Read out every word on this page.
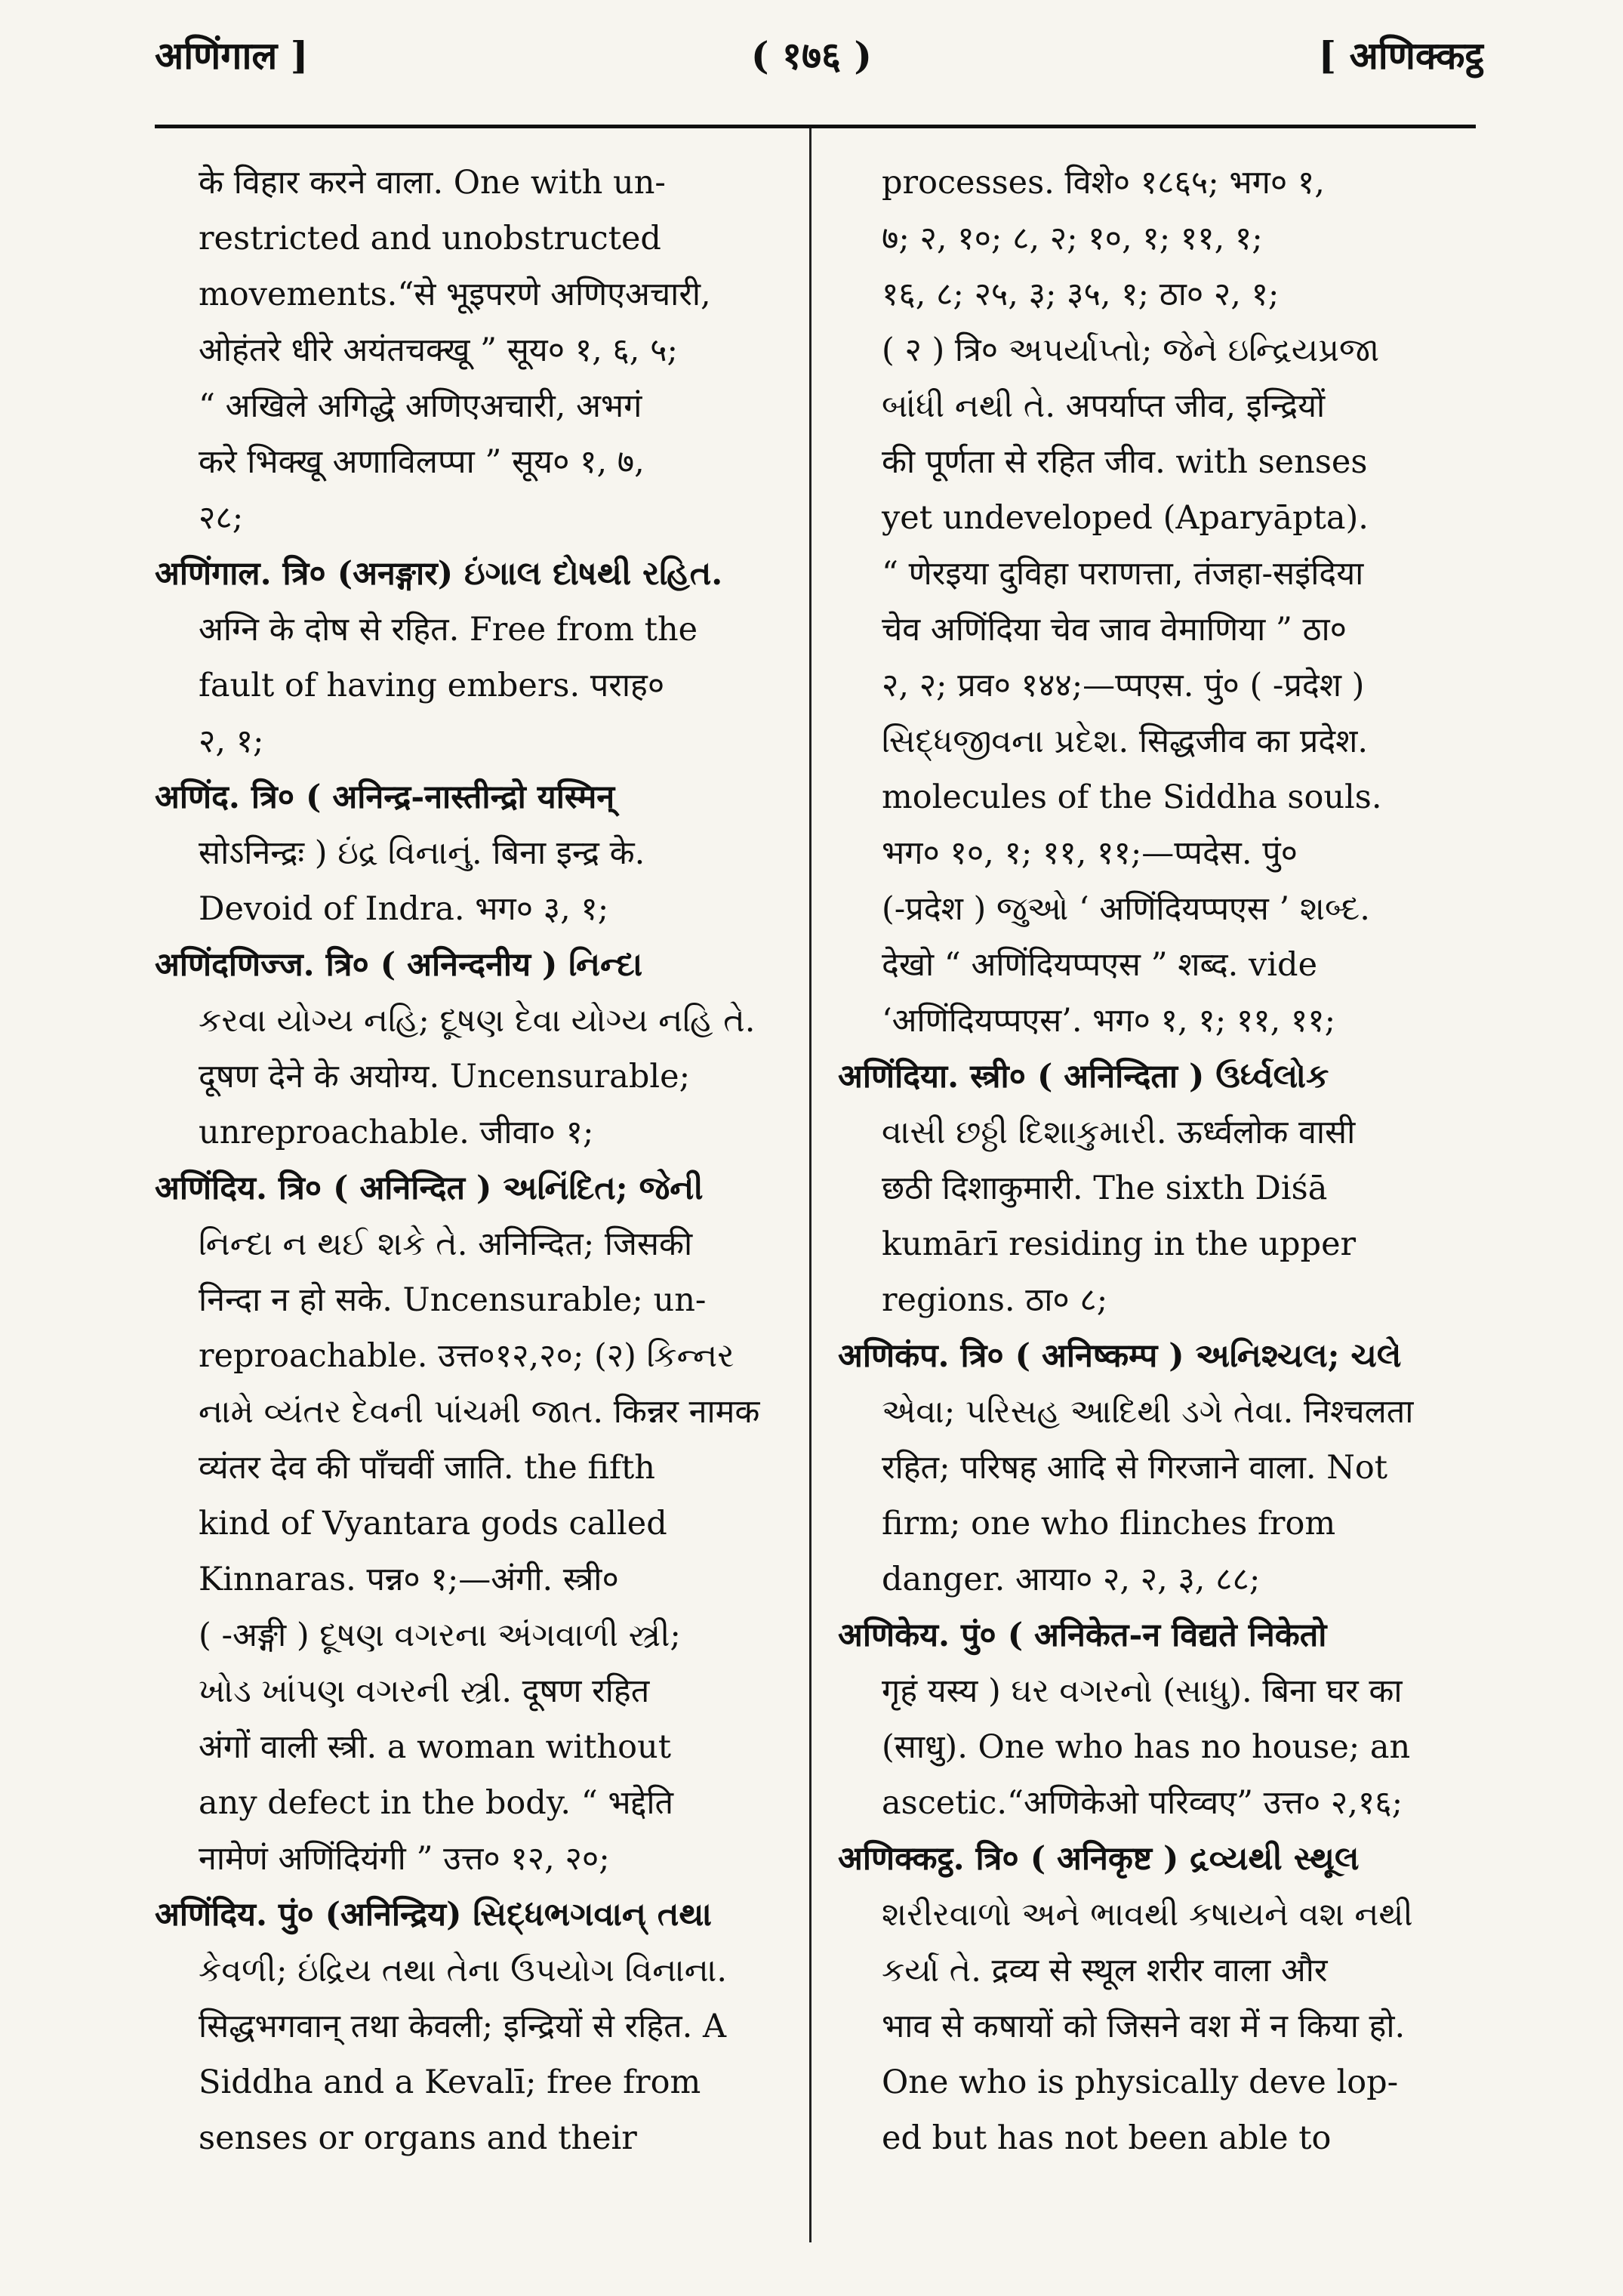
अणिंगाल ]	( १७६ )	[ अणिक्कट्ठ
के विहार करने वाला. One with un-
restricted and unobstructed
movements.“से भूइपरणे अणिएअचारी,
ओहंतरे धीरे अयंतचक्खू ” सूय० १, ६, ५;
“ अखिले अगिद्धे अणिएअचारी, अभगं
करे भिक्खू अणाविलप्पा ” सूय० १, ७,
२८;
अणिंगाल. त्रि० (अनङ्गार) ઇંગાલ દોષથી રહિત.
अग्नि के दोष से रहित. Free from the
fault of having embers. पराह०
२, १;
अणिंद. त्रि० ( अनिन्द्र-नास्तीन्द्रो यस्मिन्
सोऽनिन्द्रः ) ઇંદ્ર વિનાનું. बिना इन्द्र के.
Devoid of Indra. भग० ३, १;
अणिंदणिज्ज. त्रि० ( अनिन्दनीय ) નિન્દા
કરવા યોગ્ય નહિ; દૂષણ દેવા યોગ્ય નહિ તે.
दूषण देने के अयोग्य. Uncensurable;
unreproachable. जीवा० १;
अणिंदिय. त्रि० ( अनिन्दित ) અનિંદિત; જેની
નિન્દા ન થઈ શકે તે. अनिन्दित; जिसकी
निन्दा न हो सके. Uncensurable; un-
reproachable. उत्त०१२,२०; (२) કિન્નર
નામે વ્યંતર દેવની પાંચમી જાત. किन्नर नामक
व्यंतर देव की पाँचवीं जाति. the fifth
kind of Vyantara gods called
Kinnaras. पन्न० १;—अंगी. स्त्री०
( -अङ्गी ) દૂષણ વગરના અંગવાળી સ્ત્રી;
ખોડ ખાંપણ વગરની સ્ત્રી. दूषण रहित
अंगों वाली स्त्री. a woman without
any defect in the body. “ भद्देति
नामेणं अणिंदियंगी ” उत्त० १२, २०;
अणिंदिय. पुं० (अनिन्द्रिय) સિદ્ધભગવાન્ તથા
કેવળી; ઇંદ્રિય તથા તેના ઉપયોગ વિનાના.
सिद्धभगवान् तथा केवली; इन्द्रियों से रहित. A
Siddha and a Kevalī; free from
senses or organs and their
processes. विशे० १८६५; भग० १,
७; २, १०; ८, २; १०, १; ११, १;
१६, ८; २५, ३; ३५, १; ठा० २, १;
( २ ) त्रि० અપર્યાપ્તો; જેને ઇન્દ્રિયપ્રજા
બાંધી નથી તે. अपर्याप्त जीव, इन्द्रियों
की पूर्णता से रहित जीव. with senses
yet undeveloped (Aparyāpta).
“ णेरइया दुविहा पराणत्ता, तंजहा-सइंदिया
चेव अणिंदिया चेव जाव वेमाणिया ” ठा०
२, २; प्रव० १४४;—प्पएस. पुं० ( -प्रदेश )
સિદ્ધજીવના પ્રદેશ. सिद्धजीव का प्रदेश.
molecules of the Siddha souls.
भग० १०, १; ११, ११;—प्पदेस. पुं०
(-प्रदेश ) જુઓ ‘ अणिंदियप्पएस ’ શબ્દ.
देखो “ अणिंदियप्पएस ” शब्द. vide
‘अणिंदियप्पएस’. भग० १, १; ११, ११;
अणिंदिया. स्त्री० ( अनिन्दिता ) ઉર્ધ્વલોક
વાસી છઠ્ઠી દિશાકુમારી. ऊर्ध्वलोक वासी
छठी दिशाकुमारी. The sixth Diśā
kumārī residing in the upper
regions. ठा० ८;
अणिकंप. त्रि० ( अनिष्कम्प ) અનિશ્ચલ; ચલે
એવા; પરિસહ આદિથી ડગે તેવા. निश्चलता
रहित; परिषह आदि से गिरजाने वाला. Not
firm; one who flinches from
danger. आया० २, २, ३, ८८;
अणिकेय. पुं० ( अनिकेत-न विद्यते निकेतो
गृहं यस्य ) ઘર વગરનો (સાધુ). बिना घर का
(साधु). One who has no house; an
ascetic.“अणिकेओ परिव्वए” उत्त० २,१६;
अणिक्कट्ठ. त्रि० ( अनिकृष्ट ) દ્રવ્યથી સ્થૂલ
શરીરવાળો અને ભાવથી કષાયને વશ નથી
કર્યા તે. द्रव्य से स्थूल शरीर वाला और
भाव से कषायों को जिसने वश में न किया हो.
One who is physically deve lop-
ed but has not been able to
